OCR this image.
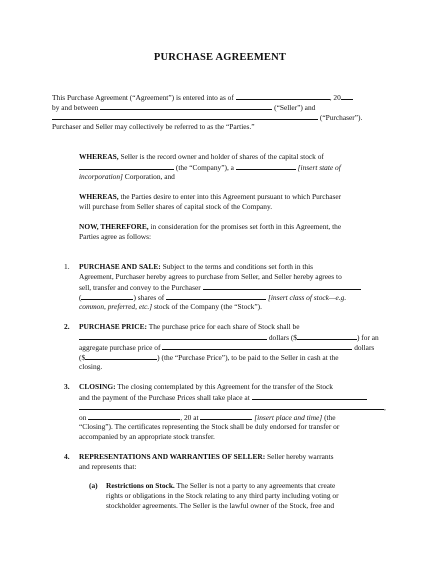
PURCHASE AGREEMENT
This Purchase Agreement (“Agreement”) is entered into as of	, 20
by and between	(“Seller”) and
(“Purchaser”).
Purchaser and Seller may collectively be referred to as the “Parties.”
WHEREAS, Seller is the record owner and holder of shares of the capital stock of
(the “Company”), a	[insert state of
incorporation] Corporation, and
WHEREAS, the Parties desire to enter into this Agreement pursuant to which Purchaser
will purchase from Seller shares of capital stock of the Company.
NOW, THEREFORE, in consideration for the promises set forth in this Agreement, the
Parties agree as follows:
1. PURCHASE AND SALE: Subject to the terms and conditions set forth in this
Agreement, Purchaser hereby agrees to purchase from Seller, and Seller hereby agrees to
sell, transfer and convey to the Purchaser
(	) shares of	[insert class of stock—e.g.
common, preferred, etc.] stock of the Company (the “Stock”).
2. PURCHASE PRICE: The purchase price for each share of Stock shall be
dollars ($	) for an
aggregate purchase price of	dollars
($	) (the “Purchase Price”), to be paid to the Seller in cash at the
closing.
3. CLOSING: The closing contemplated by this Agreement for the transfer of the Stock
and the payment of the Purchase Prices shall take place at
,
on	, 20 at	[insert place and time] (the
“Closing”). The certificates representing the Stock shall be duly endorsed for transfer or
accompanied by an appropriate stock transfer.
4. REPRESENTATIONS AND WARRANTIES OF SELLER: Seller hereby warrants
and represents that:
(a) Restrictions on Stock. The Seller is not a party to any agreements that create
rights or obligations in the Stock relating to any third party including voting or
stockholder agreements. The Seller is the lawful owner of the Stock, free and
